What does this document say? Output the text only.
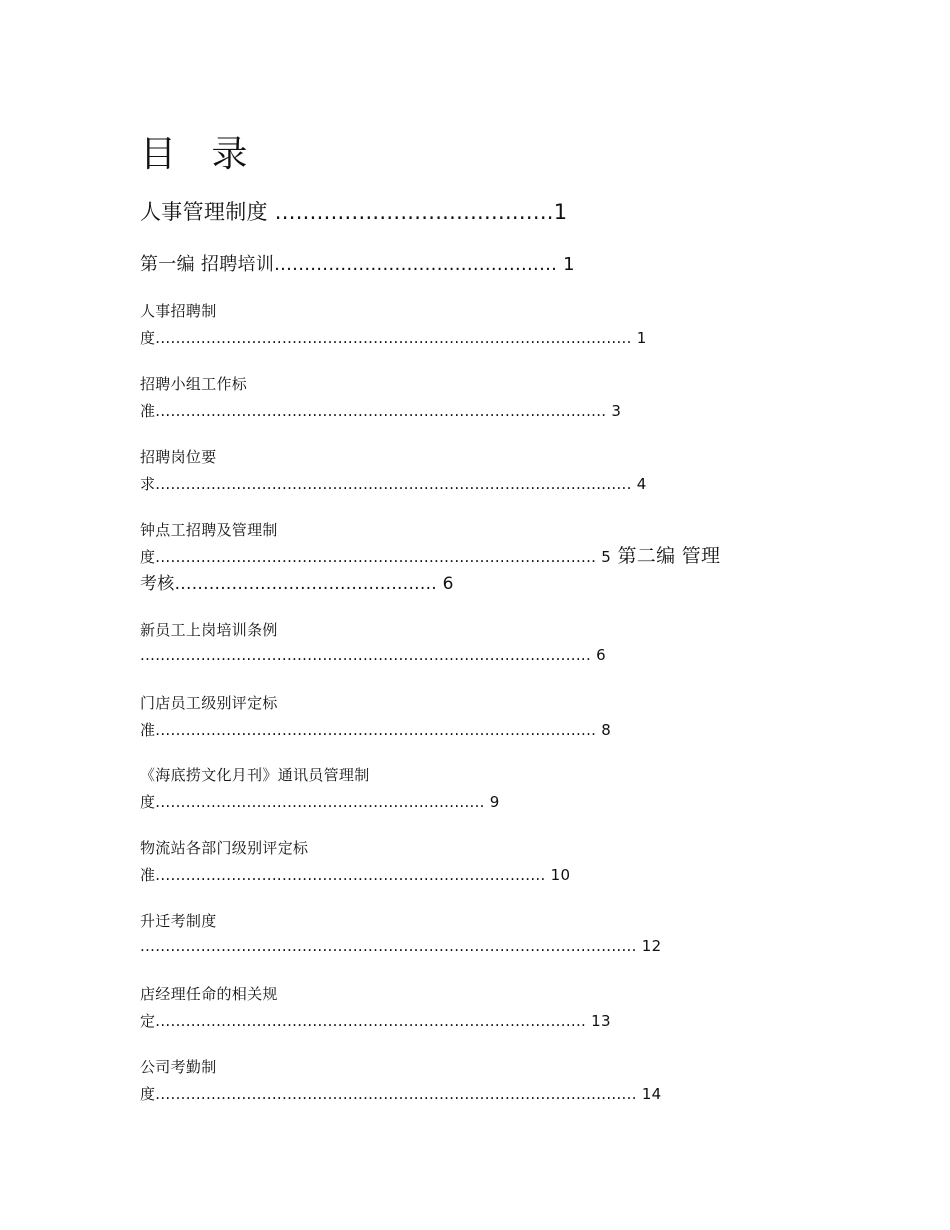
目 录
人事管理制度 ........................................1
第一编 招聘培训............................................... 1
人事招聘制
度.............................................................................................. 1
招聘小组工作标
准......................................................................................... 3
招聘岗位要
求.............................................................................................. 4
钟点工招聘及管理制
度....................................................................................... 5 第二编 管理
考核.............................................. 6
新员工上岗培训条例
......................................................................................... 6
门店员工级别评定标
准....................................................................................... 8
《海底捞文化月刊》通讯员管理制
度................................................................. 9
物流站各部门级别评定标
准............................................................................. 10
升迁考制度
.................................................................................................. 12
店经理任命的相关规
定..................................................................................... 13
公司考勤制
度............................................................................................... 14
